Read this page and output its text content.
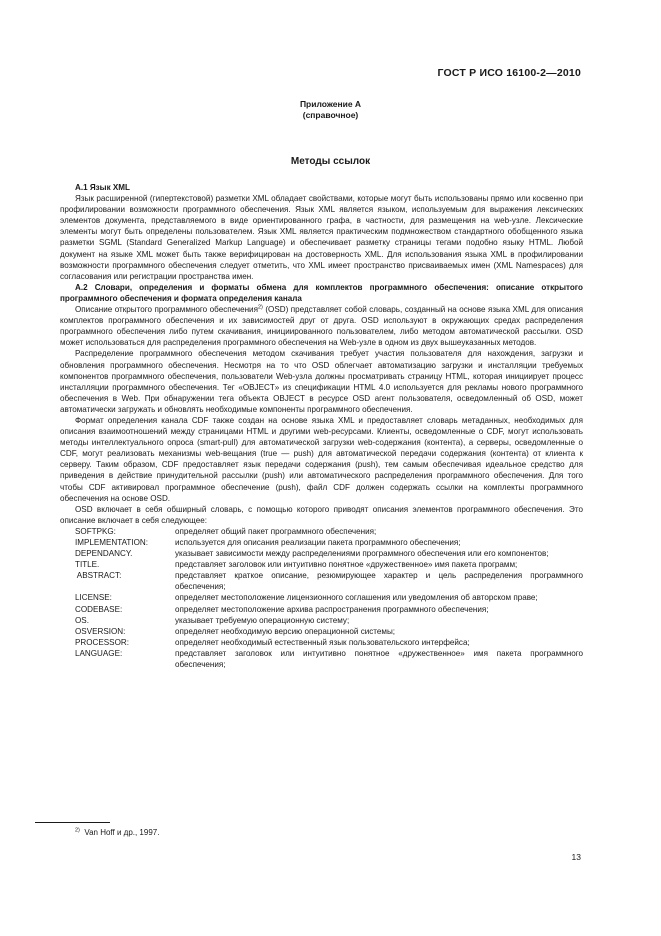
ГОСТ Р ИСО 16100-2—2010
Приложение А
(справочное)
Методы ссылок

А.1 Язык XML

Язык расширенной (гипертекстовой) разметки XML обладает свойствами, которые могут быть использованы прямо или косвенно при профилировании возможности программного обеспечения. Язык XML является языком, используемым для выражения лексических элементов документа, представляемого в виде ориентированного графа, в частности, для размещения на web-узле. Лексические элементы могут быть определены пользователем. Язык XML является практическим подмножеством стандартного обобщенного языка разметки SGML (Standard Generalized Markup Language) и обеспечивает разметку страницы тегами подобно языку HTML. Любой документ на языке XML может быть также верифицирован на достоверность XML. Для использования языка XML в профилировании возможности программного обеспечения следует отметить, что XML имеет пространство присваиваемых имен (XML Namespaces) для согласования или регистрации пространства имен.

А.2 Словари, определения и форматы обмена для комплектов программного обеспечения: описание открытого программного обеспечения и формата определения канала

Описание открытого программного обеспечения$^{2)}$ (OSD) представляет собой словарь, созданный на основе языка XML для описания комплектов программного обеспечения и их зависимостей друг от друга. OSD используют в окружающих средах распределения программного обеспечения либо путем скачивания, инициированного пользователем, либо методом автоматической рассылки. OSD может использоваться для распределения программного обеспечения на Web-узле в одном из двух вышеуказанных методов.

Распределение программного обеспечения методом скачивания требует участия пользователя для нахождения, загрузки и обновления программного обеспечения. Несмотря на то что OSD облегчает автоматизацию загрузки и инсталляции требуемых компонентов программного обеспечения, пользователи Web-узла должны просматривать страницу HTML, которая инициирует процесс инсталляции программного обеспечения. Тег «OBJECT» из спецификации HTML 4.0 используется для рекламы нового программного обеспечения в Web. При обнаружении тега объекта OBJECT в ресурсе OSD агент пользователя, осведомленный об OSD, может автоматически загружать и обновлять необходимые компоненты программного обеспечения.

Формат определения канала CDF также создан на основе языка XML и предоставляет словарь метаданных, необходимых для описания взаимоотношений между страницами HTML и другими web-ресурсами. Клиенты, осведомленные о CDF, могут использовать методы интеллектуального опроса (smart-pull) для автоматической загрузки web-содержания (контента), а серверы, осведомленные о CDF, могут реализовать механизмы web-вещания (true — push) для автоматической передачи содержания (контента) от клиента к серверу. Таким образом, CDF предоставляет язык передачи содержания (push), тем самым обеспечивая идеальное средство для приведения в действие принудительной рассылки (push) или автоматического распределения программного обеспечения. Для того чтобы CDF активировал программное обеспечение (push), файл CDF должен содержать ссылки на комплекты программного обеспечения на основе OSD.

OSD включает в себя обширный словарь, с помощью которого приводят описания элементов программного обеспечения. Это описание включает в себя следующее:

SOFTPKG:	определяет общий пакет программного обеспечения;
IMPLEMENTATION:	используется для описания реализации пакета программного обеспечения;
DEPENDANCY.	указывает зависимости между распределениями программного обеспечения или его компонентов;
TITLE.	представляет заголовок или интуитивно понятное «дружественное» имя пакета программ;
ABSTRACT:	представляет краткое описание, резюмирующее характер и цель распределения программного обеспечения;
LICENSE:	определяет местоположение лицензионного соглашения или уведомления об авторском праве;
CODEBASE:	определяет местоположение архива распространения программного обеспечения;
OS.	указывает требуемую операционную систему;
OSVERSION:	определяет необходимую версию операционной системы;
PROCESSOR:	определяет необходимый естественный язык пользовательского интерфейса;
LANGUAGE:	представляет заголовок или интуитивно понятное «дружественное» имя пакета программного обеспечения;
$^{2)}$ Van Hoff и др., 1997.
13
